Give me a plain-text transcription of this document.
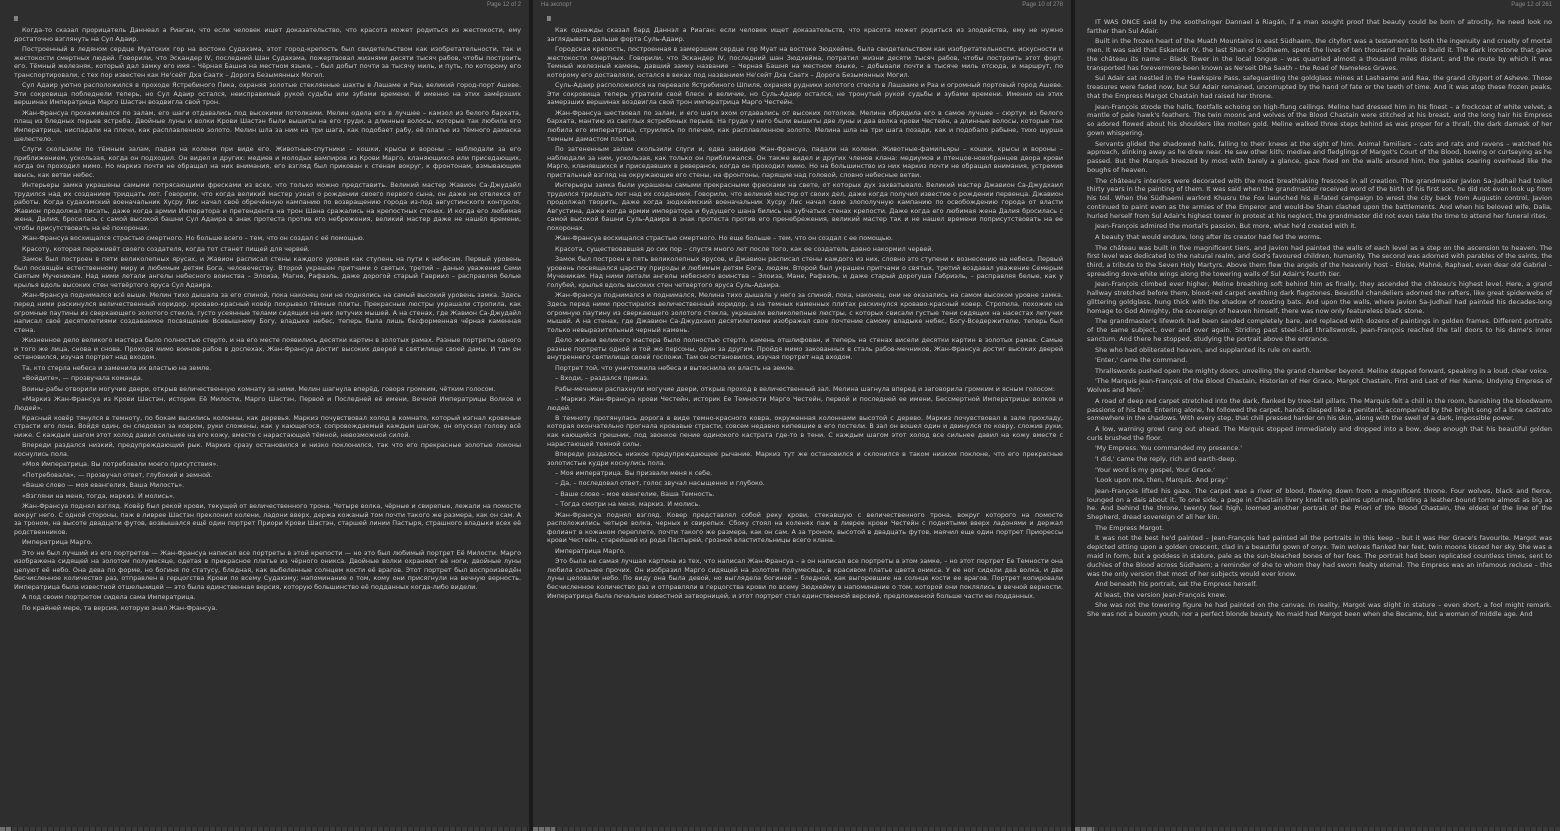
Page 12 of 2
II

Когда-то сказал прорицатель Даннеал а Риаган, что если человек ищет доказательство, что красота может родиться из жестокости, ему достаточно взглянуть на Сул Адаир.

Построенный в ледяном сердце Муатских гор на востоке Судахэма, этот город-крепость был свидетельством как изобретательности, так и жестокости смертных людей. Говорили, что Эскандер IV, последний Шан Судахэма, пожертвовал жизнями десяти тысяч рабов, чтобы построить его. Тёмный железняк, который дал замку его имя – Чёрная Башня на местном языке, – был добыт почти за тысячу миль, и путь, по которому его транспортировали, с тех пор известен как Не'сейт Дха Саатх – Дорога Безымянных Могил.

Сул Адаир уютно расположился в проходе Ястребиного Пика, охраняя золотые стеклянные шахты в Лашаме и Раа, великий город-порт Ашеве. Эти сокровища побледнели теперь, но Сул Адаир остался, неисправимый рукой судьбы или зубами времени. И именно на этих замёрзших вершинах Императрица Марго Шастэн воздвигла свой трон.

Жан-Франсуа прохаживался по залам, его шаги отдавались под высокими потолками. Мелин одела его в лучшее – камзол из белого бархата, плащ из бледных перьев ястреба. Двойные луны и волки Крови Шастэн были вышиты на его груди, а длинные волосы, которые так любила его Императрица, ниспадали на плечи, как расплавленное золото. Мелин шла за ним на три шага, как подобает рабу, её платье из тёмного дамаска шелестело.

Слуги скользили по тёмным залам, падая на колени при виде его. Животные-спутники – кошки, крысы и вороны – наблюдали за его приближением, ускользая, когда он подходил. Он видел и других: медиев и молодых вампиров из Крови Марго, кланяющихся или приседающих, когда он проходил мимо. Но маркиз почти не обращал на них внимания, его взгляд был прикован к стенам вокруг, к фронтонам, взмывающим ввысь, как ветви небес.

Интерьеры замка украшены самыми потрясающими фресками из всех, что только можно представить. Великий мастер Жавион Са-Джудайл трудился над их созданием тридцать лет. Говорили, что когда великий мастер узнал о рождении своего первого сына, он даже не отвлекся от работы. Когда судахэмский военачальник Хусру Лис начал своё обречённую кампанию по возвращению города из-под августинского контроля, Жавион продолжал писать, даже когда армии Императора и претендента на трон Шана сражались на крепостных стенах. И когда его любимая жена, Далия, бросилась с самой высокой башни Сул Адаира в знак протеста против его небрежения, великий мастер даже не нашёл времени, чтобы присутствовать на её похоронах.

Жан-Франсуа восхищался страстью смертного. Но больше всего – тем, что он создал с её помощью.

Красоту, которая переживёт своего создателя, когда тот станет пищей для червей.

Замок был построен в пяти великолепных ярусах, и Жавион расписал стены каждого уровня как ступень на пути к небесам. Первый уровень был посвящён естественному миру и любимым детям Бога, человечеству. Второй украшен притчами о святых, третий – данью уважения Семи Святым Мученикам. Над ними летали ангелы небесного воинства – Элоиза, Магне, Рафаэль, даже дорогой старый Гавриил – расправляя белые крылья вдоль высоких стен четвёртого яруса Сул Адаира.

Жан-Франсуа поднимался всё выше. Мелин тихо дышала за его спиной, пока наконец они не поднялись на самый высокий уровень замка. Здесь перед ними раскинулся величественный коридор, кроваво-красный ковёр покрывал тёмные плиты. Прекрасные люстры украшали стропила, как огромные паутины из сверкающего золотого стекла, густо усеянные телами сидящих на них летучих мышей. А на стенах, где Жавион Са-Джудайл написал своё десятилетиями создаваемое посвящение Всевышнему Богу, владыке небес, теперь была лишь бесформенная чёрная каменная стена.

Жизненное дело великого мастера было полностью стерто, и на его месте появились десятки картин в золотых рамах. Разные портреты одного и того же лица, снова и снова. Проходя мимо воинов-рабов в доспехах, Жан-Франсуа достиг высоких дверей в святилище своей дамы. И там он остановился, изучая портрет над входом.

Та, кто стерла небеса и заменила их властью на земле.

«Войдите», — прозвучала команда.

Воины-рабы отворили могучие двери, открыв величественную комнату за ними. Мелин шагнула вперёд, говоря громким, чётким голосом.

«Маркиз Жан-Франсуа из Крови Шастэн, историк Её Милости, Марго Шастэн, Первой и Последней её имени, Вечной Императрицы Волков и Людей».

Красный ковёр тянулся в темноту, по бокам высились колонны, как деревья. Маркиз почувствовал холод в комнате, который изгнал кровяные страсти его лона. Войдя один, он следовал за ковром, руки сложены, как у кающегося, сопровождаемый каждым шагом, он опускал голову всё ниже. С каждым шагом этот холод давил сильнее на его кожу, вместе с нарастающей тёмной, невозможной силой.

Впереди раздался низкий, предупреждающий рык. Маркиз сразу остановился и низко поклонился, так что его прекрасные золотые локоны коснулись пола.

«Моя Императрица. Вы потребовали моего присутствия».

«Потребовала», — прозвучал ответ, глубокий и земной.

«Ваше слово — моя евангелия, Ваша Милость».

«Взгляни на меня, тогда, маркиз. И молись».

Жан-Франсуа поднял взгляд. Ковёр был рекой крови, текущей от величественного трона. Четыре волка, чёрные и свирепые, лежали на помосте вокруг него. С одной стороны, паж в ливрее Шастэн преклонил колени, ладони вверх, держа кожаный том почти такого же размера, как он сам. А за троном, на высоте двадцати футов, возвышался ещё один портрет Приори Крови Шастэн, старшей линии Пастыря, страшного владыки всех её родственников.

Императрица Марго.

Это не был лучший из его портретов — Жан-Франсуа написал все портреты в этой крепости — но это был любимый портрет Её Милости. Марго изображена сидящей на золотом полумесяце, одетая в прекрасное платье из чёрного оникса. Двойные волки охраняют её ноги, двойные луны целуют её небо. Она дева по форме, но богиня по статусу, бледная, как выбеленные солнцем кости её врагов. Этот портрет был воспроизведён бесчисленное количество раз, отправлен в герцогства Крови по всему Судахэму; напоминание о том, кому они присягнули на вечную верность. Императрица была известной отшельницей — это была единственная версия, которую большинство её подданных когда-либо видели.

А под своим портретом сидела сама Императрица.

По крайней мере, та версия, которую знал Жан-Франсуа.

На экспорт	Page 10 of 278
II

Как однажды сказал бард Даннэл а Риаган: если человек ищет доказательств, что красота может родиться из злодейства, ему не нужно заглядывать дальше форта Суль-Адаир.

Городская крепость, построенная в замерзшем сердце гор Муат на востоке Зюдхейма, была свидетельством как изобретательности, искусности и жестокости смертных. Говорили, что Эскандер IV, последний шан Зюдхейма, потратил жизни десяти тысяч рабов, чтобы построить этот форт. Темный железный камень, давший замку название – Черная Башня на местном языке, – добывали почти в тысяче миль отсюда, и маршрут, по которому его доставляли, остался в веках под названием Не'сейт Дха Саатх – Дорога Безымянных Могил.

Суль-Адаир расположился на перевале Ястребиного Шпиля, охраняя рудники золотого стекла в Лашааме и Раа и огромный портовый город Ашеве. Эти сокровища теперь утратили свой блеск и величие, но Суль-Адаир остался, не тронутый рукой судьбы и зубами времени. Именно на этих замерзших вершинах воздвигла свой трон императрица Марго Честейн.

Жан-Франсуа шествовал по залам, и его шаги эхом отдавались от высоких потолков. Мелина обрядила его в самое лучшее – сюртук из белого бархата, мантию из светлых ястребиных перьев. На груди у него были вышиты две луны и два волка крови Честейн, а длинные волосы, которые так любила его императрица, струились по плечам, как расплавленное золото. Мелина шла на три шага позади, как и подобало рабыне, тихо шурша темным дамастом платья.

По затененным залам скользили слуги и, едва завидев Жан-Франсуа, падали на колени. Животные-фамильяры – кошки, крысы и вороны – наблюдали за ним, ускользая, как только он приближался. Он также видел и других членов клана: медиумов и птенцов-новобранцев двора крови Марго, кланявшихся и приседавших в реверансе, когда он проходил мимо. Но на большинство из них маркиз почти не обращал внимания, устремив пристальный взгляд на окружающие его стены, на фронтоны, парящие над головой, словно небесные ветви.

Интерьеры замка были украшены самыми прекрасными фресками на свете, от которых дух захватывало. Великий мастер Джавион Са-Джудхаил трудился тридцать лет над их созданием. Говорили, что великий мастер от своих дел, даже когда получил известие о рождении первенца. Джавион продолжал творить, даже когда зюдхеймский военачальник Хусру Лис начал свою злополучную кампанию по освобождению города от власти Августина, даже когда армии императора и будущего шана бились на зубчатых стенах крепости. Даже когда его любимая жена Далия бросилась с самой высокой башни Суль-Адаира в знак протеста против его пренебрежения, великий мастер так и не нашел времени поприсутствовать на ее похоронах.

Жан-Франсуа восхищался страстью смертного. Но еще больше – тем, что он создал с ее помощью.

Красота, существовавшая до сих пор – спустя много лет после того, как ее создатель давно накормил червей.

Замок был построен в пять великолепных ярусов, и Джавион расписал стены каждого из них, словно это ступени к вознесению на небеса. Первый уровень посвящался царству природы и любимым детям Бога, людям. Второй был украшен притчами о святых, третий воздавал уважение Семерым Мученикам. Над ними летали ангелы небесного воинства – Элоиза, Мане, Рафаэль, и даже старый дорогуша Габриэль, – расправляя белые, как у голубей, крылья вдоль высоких стен четвертого яруса Суль-Адаира.

Жан-Франсуа поднимался и поднимался, Мелина тихо дышала у него за спиной, пока, наконец, они не оказались на самом высоком уровне замка. Здесь перед ними простирался величественный коридор, а на темных каменных плитах раскинулся кроваво-красный ковер. Стропила, похожие на огромную паутину из сверкающего золотого стекла, украшали великолепные люстры, с которых свисали густые тени сидящих на насестах летучих мышей. А на стенах, где Джавион Са-Джудхаил десятилетиями изображал свое почтение самому владыке небес, Богу-Вседержителю, теперь был только невыразительный черный камень.

Дело жизни великого мастера было полностью стерто, камень отшлифован, и теперь на стенах висели десятки картин в золотых рамах. Самые разные портреты одной и той же персоны, один за другим. Пройдя мимо закованных в сталь рабов-мечников, Жан-Франсуа достиг высоких дверей внутреннего святилища своей госпожи. Там он остановился, изучая портрет над входом.

Портрет той, что уничтожила небеса и вытеснила их власть на земле.

– Входи, – раздался приказ.

Рабы-мечники распахнули могучие двери, открыв проход в величественный зал. Мелина шагнула вперед и заговорила громким и ясным голосом:

– Маркиз Жан-Франсуа крови Честейн, историк Ее Темности Марго Честейн, первой и последней ее имени, Бессмертной Императрицы волков и людей.

В темноту протянулась дорога в виде темно-красного ковра, окруженная колоннами высотой с дерево. Маркиз почувствовал в зале прохладу, которая окончательно прогнала кровавые страсти, совсем недавно кипевшие в его постели. В зал он вошел один и двинулся по ковру, сложив руки, как кающийся грешник, под звонкое пение одинокого кастрата где-то в тени. С каждым шагом этот холод все сильнее давил на кожу вместе с нарастающей темной силы.

Впереди раздалось низкое предупреждающее рычание. Маркиз тут же остановился и склонился в таком низком поклоне, что его прекрасные золотистые кудри коснулись пола.

– Моя императрица. Вы призвали меня к себе.

– Да, – последовал ответ, голос звучал насыщенно и глубоко.

– Ваше слово – мое евангелие, Ваша Темность.

– Тогда смотри на меня, маркиз. И молись.

Жан-Франсуа поднял взгляд. Ковер представлял собой реку крови, стекавшую с величественного трона, вокруг которого на помосте расположились четыре волка, черных и свирепых. Сбоку стоял на коленях паж в ливрее крови Честейн с поднятыми вверх ладонями и держал фолиант в кожаном переплете, почти такого же размера, как он сам. А за троном, высотой в двадцать футов, маячил еще один портрет Приорессы крови Честейн, старейшей из рода Пастырей, грозной властительницы всего клана.

Императрица Марго.

Это была не самая лучшая картина из тех, что написал Жан-Франсуа – а он написал все портреты в этом замке, – но этот портрет Ее Темности она любила сильнее прочих. Он изобразил Марго сидящей на золотом полумесяце, в красивом платье цвета оникса. У ее ног сидели два волка, и две луны целовали небо. По виду она была девой, но выглядела богиней – бледной, как выгоревшие на солнце кости ее врагов. Портрет копировали бесчисленное количество раз и отправляли в герцогства крови по всему Зюдхейму в напоминание о том, которой они поклялись в вечной верности. Императрица была печально известной затворницей, и этот портрет стал единственной версией, предложенной больше части ее подданных.

Page 12 of 261

IT WAS ONCE said by the soothsinger Dannael á Riagán, if a man sought proof that beauty could be born of atrocity, he need look no farther than Sul Adair.

Built in the frozen heart of the Muath Mountains in east Südhaem, the cityfort was a testament to both the ingenuity and cruelty of mortal men. It was said that Eskander IV, the last Shan of Südhaem, spent the lives of ten thousand thralls to build it. The dark ironstone that gave the château its name – Black Tower in the local tongue – was quarried almost a thousand miles distant, and the route by which it was transported has forevermore been known as Ne'seit Dha Saath – the Road of Nameless Graves.

Sul Adair sat nestled in the Hawkspire Pass, safeguarding the goldglass mines at Lashaame and Raa, the grand cityport of Asheve. Those treasures were faded now, but Sul Adair remained, uncorrupted by the hand of fate or the teeth of time. And it was atop these frozen peaks, that the Empress Margot Chastain had raised her throne.

Jean-François strode the halls, footfalls echoing on high-flung ceilings. Meline had dressed him in his finest – a frockcoat of white velvet, a mantle of pale hawk's feathers. The twin moons and wolves of the Blood Chastain were stitched at his breast, and the long hair his Empress so adored flowed about his shoulders like molten gold. Meline walked three steps behind as was proper for a thrall, the dark damask of her gown whispering.

Servants glided the shadowed halls, falling to their knees at the sight of him. Animal familiars – cats and rats and ravens – watched his approach, slinking away as he drew near. He saw other kith; mediae and fledglings of Margot's Court of the Blood, bowing or curtseying as he passed. But the Marquis breezed by most with barely a glance, gaze fixed on the walls around him, the gables soaring overhead like the boughs of heaven.

The château's interiors were decorated with the most breathtaking frescoes in all creation. The grandmaster Javion Sa-Judhail had toiled thirty years in the painting of them. It was said when the grandmaster received word of the birth of his first son, he did not even look up from his toil. When the Südhaemi warlord Khusru the Fox launched his ill-fated campaign to wrest the city back from Augustin control, Javion continued to paint even as the armies of the Emperor and would-be Shan clashed upon the battlements. And when his beloved wife, Dalia, hurled herself from Sul Adair's highest tower in protest at his neglect, the grandmaster did not even take the time to attend her funeral rites.

Jean-François admired the mortal's passion. But more, what he'd created with it.

A beauty that would endure, long after its creator had fed the worms.

The château was built in five magnificent tiers, and Javion had painted the walls of each level as a step on the ascension to heaven. The first level was dedicated to the natural realm, and God's favoured children, humanity. The second was adorned with parables of the saints, the third, a tribute to the Seven Holy Martyrs. Above them flew the angels of the heavenly host – Eloise, Mahné, Raphael, even dear old Gabriel – spreading dove-white wings along the towering walls of Sul Adair's fourth tier.

Jean-François climbed ever higher, Meline breathing soft behind him as finally, they ascended the château's highest level. Here, a grand hallway stretched before them, blood-red carpet swathing dark flagstones. Beautiful chandeliers adorned the rafters, like great spiderwebs of glittering goldglass, hung thick with the shadow of roosting bats. And upon the walls, where Javion Sa-Judhail had painted his decades-long homage to God Almighty, the sovereign of heaven himself, there was now only featureless black stone.

The grandmaster's lifework had been sanded completely bare, and replaced with dozens of paintings in golden frames. Different portraits of the same subject, over and over again. Striding past steel-clad thrallswords, Jean-François reached the tall doors to his dame's inner sanctum. And there he stopped, studying the portrait above the entrance.

She who had obliterated heaven, and supplanted its rule on earth.

'Enter,' came the command.

Thrallswords pushed open the mighty doors, unveiling the grand chamber beyond. Meline stepped forward, speaking in a loud, clear voice.

'The Marquis Jean-François of the Blood Chastain, Historian of Her Grace, Margot Chastain, First and Last of Her Name, Undying Empress of Wolves and Men.'

A road of deep red carpet stretched into the dark, flanked by tree-tall pillars. The Marquis felt a chill in the room, banishing the bloodwarm passions of his bed. Entering alone, he followed the carpet, hands clasped like a penitent, accompanied by the bright song of a lone castrato somewhere in the shadows. With every step, that chill pressed harder on his skin, along with the swell of a dark, impossible power.

A low, warning growl rang out ahead. The Marquis stopped immediately and dropped into a bow, deep enough that his beautiful golden curls brushed the floor.

'My Empress. You commanded my presence.'

'I did,' came the reply, rich and earth-deep.

'Your word is my gospel, Your Grace.'

'Look upon me, then, Marquis. And pray.'

Jean-François lifted his gaze. The carpet was a river of blood, flowing down from a magnificent throne. Four wolves, black and fierce, lounged on a dais about it. To one side, a page in Chastain livery knelt with palms upturned, holding a leather-bound tome almost as big as he. And behind the throne, twenty feet high, loomed another portrait of the Priori of the Blood Chastain, the eldest of the line of the Shepherd, dread sovereign of all her kin.

The Empress Margot.

It was not the best he'd painted – Jean-François had painted all the portraits in this keep – but it was Her Grace's favourite. Margot was depicted sitting upon a golden crescent, clad in a beautiful gown of onyx. Twin wolves flanked her feet, twin moons kissed her sky. She was a maid in form, but a goddess in stature, pale as the sun-bleached bones of her foes. The portrait had been replicated countless times, sent to duchies of the Blood across Südhaem; a reminder of she to whom they had sworn fealty eternal. The Empress was an infamous recluse – this was the only version that most of her subjects would ever know.

And beneath his portrait, sat the Empress herself.

At least, the version Jean-François knew.

She was not the towering figure he had painted on the canvas. In reality, Margot was slight in stature – even short, a fool might remark. She was not a buxom youth, nor a perfect blonde beauty. No maid had Margot been when she Became, but a woman of middle age. And
